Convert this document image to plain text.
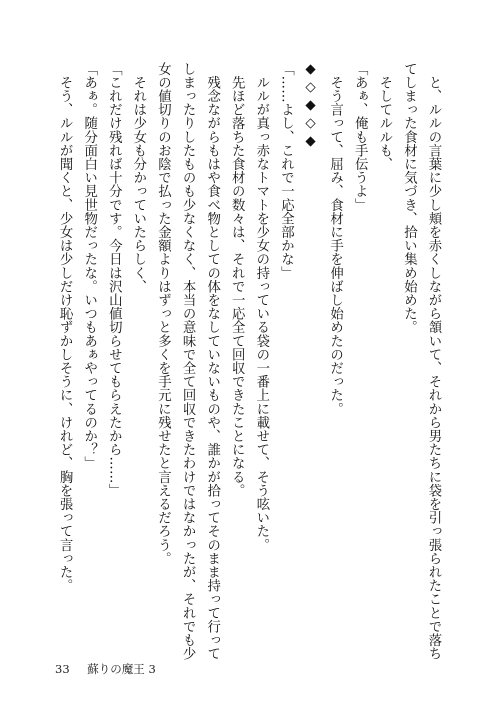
　と、ルルの言葉に少し頬を赤くしながら頷いて、それから男たちに袋を引っ張られたことで落ち
てしまった食材に気づき、拾い集め始めた。
　そしてルルも、
「あぁ、俺も手伝うよ」
　そう言って、屈み、食材に手を伸ばし始めたのだった。
◆◇◆◇◆
「……よし、これで一応全部かな」
　ルルが真っ赤なトマトを少女の持っている袋の一番上に載せて、そう呟いた。
　先ほど落ちた食材の数々は、それで一応全て回収できたことになる。
　残念ながらもはや食べ物としての体をなしていないものや、誰かが拾ってそのまま持って行って
しまったりしたものも少なくなく、本当の意味で全て回収できたわけではなかったが、それでも少
女の値切りのお陰で払った金額よりはずっと多くを手元に残せたと言えるだろう。
　それは少女も分かっていたらしく、
「これだけ残れば十分です。今日は沢山値切らせてもらえたから……」
「あぁ。随分面白い見世物だったな。いつもあぁやってるのか？」
　そう、ルルが聞くと、少女は少しだけ恥ずかしそうに、けれど、胸を張って言った。
33 蘇りの魔王 3
